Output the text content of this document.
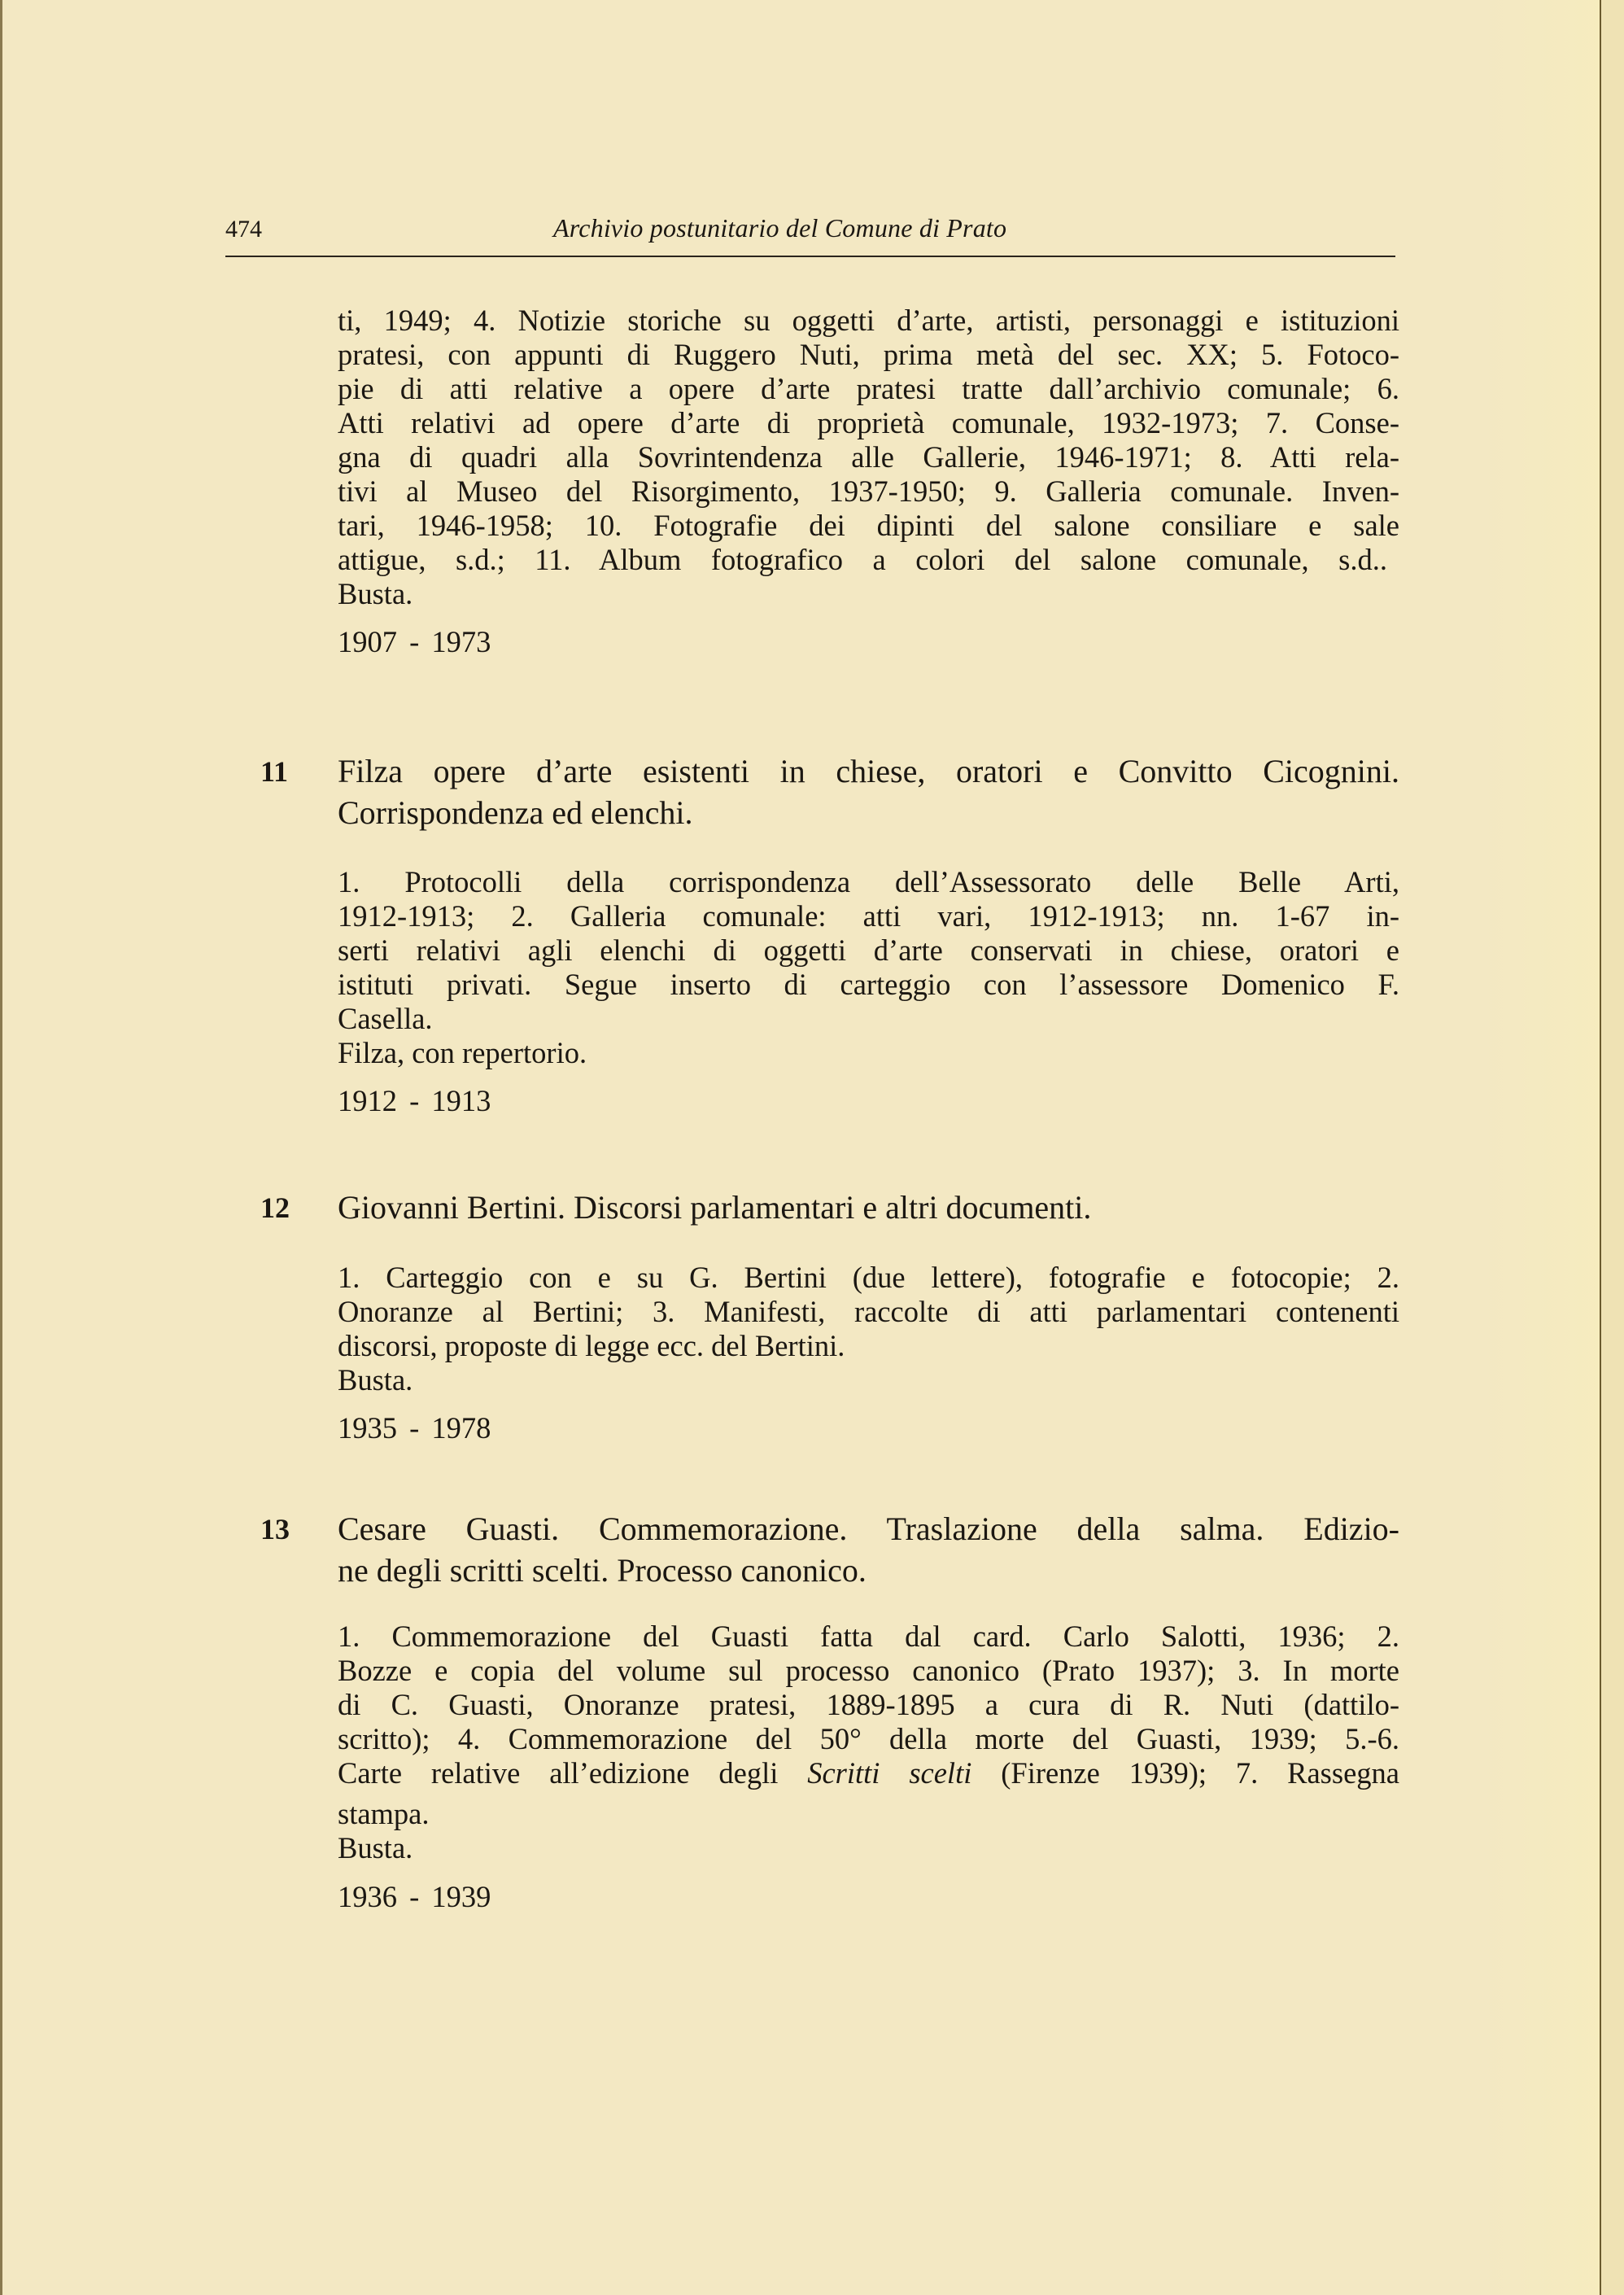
474	Archivio postunitario del Comune di Prato
ti, 1949; 4. Notizie storiche su oggetti d’arte, artisti, personaggi e istituzioni
pratesi, con appunti di Ruggero Nuti, prima metà del sec. XX; 5. Fotoco-
pie di atti relative a opere d’arte pratesi tratte dall’archivio comunale; 6.
Atti relativi ad opere d’arte di proprietà comunale, 1932-1973; 7. Conse-
gna di quadri alla Sovrintendenza alle Gallerie, 1946-1971; 8. Atti rela-
tivi al Museo del Risorgimento, 1937-1950; 9. Galleria comunale. Inven-
tari, 1946-1958; 10. Fotografie dei dipinti del salone consiliare e sale
attigue, s.d.; 11. Album fotografico a colori del salone comunale, s.d..
Busta.
1907 - 1973
11 Filza opere d’arte esistenti in chiese, oratori e Convitto Cicognini.
Corrispondenza ed elenchi.
1. Protocolli della corrispondenza dell’Assessorato delle Belle Arti,
1912-1913; 2. Galleria comunale: atti vari, 1912-1913; nn. 1-67 in-
serti relativi agli elenchi di oggetti d’arte conservati in chiese, oratori e
istituti privati. Segue inserto di carteggio con l’assessore Domenico F.
Casella.
Filza, con repertorio.
1912 - 1913
12 Giovanni Bertini. Discorsi parlamentari e altri documenti.
1. Carteggio con e su G. Bertini (due lettere), fotografie e fotocopie; 2.
Onoranze al Bertini; 3. Manifesti, raccolte di atti parlamentari contenenti
discorsi, proposte di legge ecc. del Bertini.
Busta.
1935 - 1978
13 Cesare Guasti. Commemorazione. Traslazione della salma. Edizio-
ne degli scritti scelti. Processo canonico.
1. Commemorazione del Guasti fatta dal card. Carlo Salotti, 1936; 2.
Bozze e copia del volume sul processo canonico (Prato 1937); 3. In morte
di C. Guasti, Onoranze pratesi, 1889-1895 a cura di R. Nuti (dattilo-
scritto); 4. Commemorazione del 50° della morte del Guasti, 1939; 5.-6.
Carte relative all’edizione degli Scritti scelti (Firenze 1939); 7. Rassegna
stampa.
Busta.
1936 - 1939
